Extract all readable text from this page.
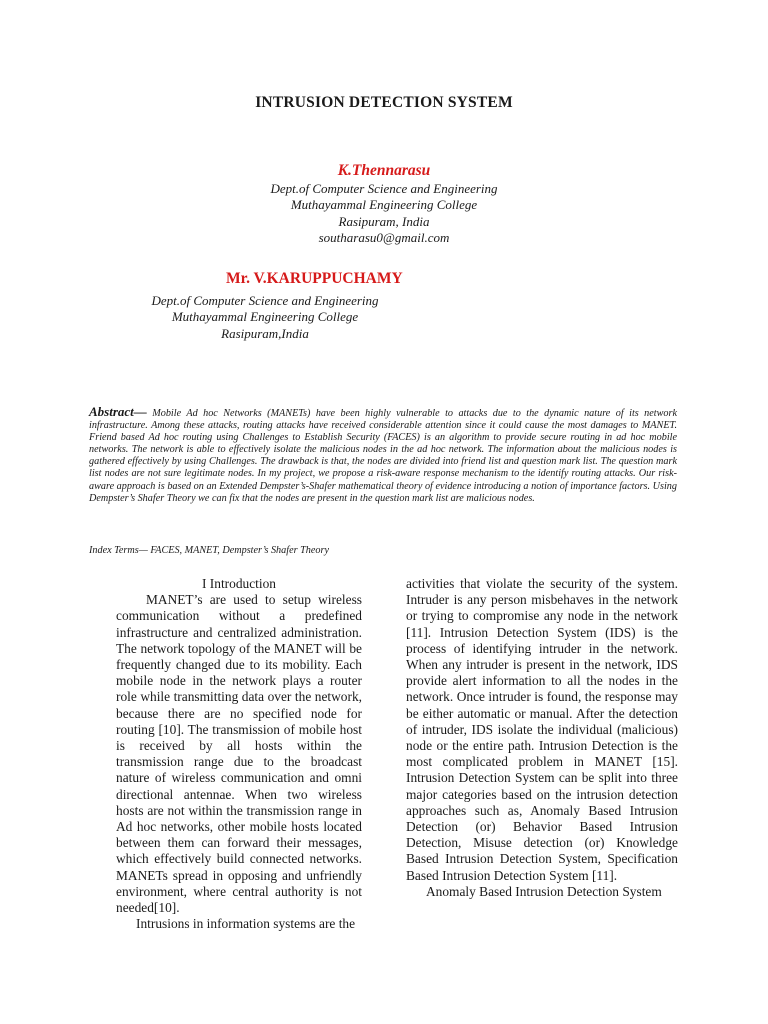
INTRUSION DETECTION SYSTEM
K.Thennarasu
Dept.of Computer Science and Engineering
Muthayammal Engineering College
Rasipuram, India
southarasu0@gmail.com
Mr. V.KARUPPUCHAMY
Dept.of Computer Science and Engineering
Muthayammal Engineering College
Rasipuram,India
Abstract— Mobile Ad hoc Networks (MANETs) have been highly vulnerable to attacks due to the dynamic nature of its network infrastructure. Among these attacks, routing attacks have received considerable attention since it could cause the most damages to MANET. Friend based Ad hoc routing using Challenges to Establish Security (FACES) is an algorithm to provide secure routing in ad hoc mobile networks. The network is able to effectively isolate the malicious nodes in the ad hoc network. The information about the malicious nodes is gathered effectively by using Challenges. The drawback is that, the nodes are divided into friend list and question mark list. The question mark list nodes are not sure legitimate nodes. In my project, we propose a risk-aware response mechanism to the identify routing attacks. Our risk-aware approach is based on an Extended Dempster’s-Shafer mathematical theory of evidence introducing a notion of importance factors. Using Dempster’s Shafer Theory we can fix that the nodes are present in the question mark list are malicious nodes.
Index Terms— FACES, MANET, Dempster’s Shafer Theory
I Introduction

MANET’s are used to setup wireless communication without a predefined infrastructure and centralized administration. The network topology of the MANET will be frequently changed due to its mobility. Each mobile node in the network plays a router role while transmitting data over the network, because there are no specified node for routing [10]. The transmission of mobile host is received by all hosts within the transmission range due to the broadcast nature of wireless communication and omni directional antennae. When two wireless hosts are not within the transmission range in Ad hoc networks, other mobile hosts located between them can forward their messages, which effectively build connected networks. MANETs spread in opposing and unfriendly environment, where central authority is not needed[10].

Intrusions in information systems are the

activities that violate the security of the system. Intruder is any person misbehaves in the network or trying to compromise any node in the network [11]. Intrusion Detection System (IDS) is the process of identifying intruder in the network. When any intruder is present in the network, IDS provide alert information to all the nodes in the network. Once intruder is found, the response may be either automatic or manual. After the detection of intruder, IDS isolate the individual (malicious) node or the entire path. Intrusion Detection is the most complicated problem in MANET [15]. Intrusion Detection System can be split into three major categories based on the intrusion detection approaches such as, Anomaly Based Intrusion Detection (or) Behavior Based Intrusion Detection, Misuse detection (or) Knowledge Based Intrusion Detection System, Specification Based Intrusion Detection System [11].

Anomaly Based Intrusion Detection System
